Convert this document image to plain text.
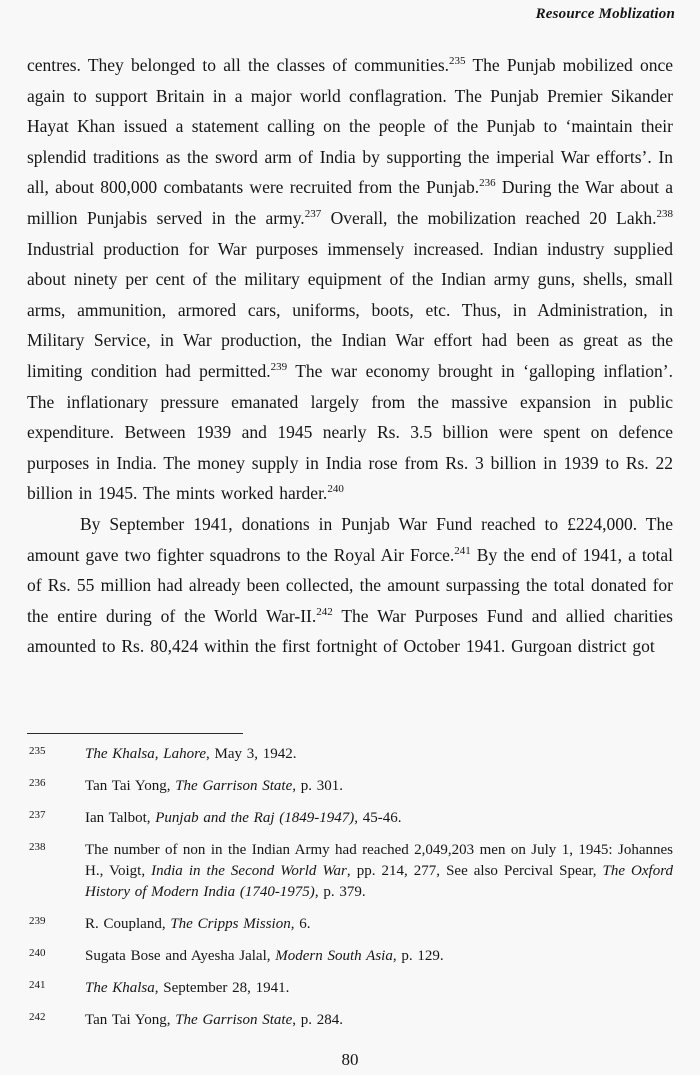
Resource Moblization

centres. They belonged to all the classes of communities.$^{235}$ The Punjab mobilized once again to support Britain in a major world conflagration. The Punjab Premier Sikander Hayat Khan issued a statement calling on the people of the Punjab to ‘maintain their splendid traditions as the sword arm of India by supporting the imperial War efforts’. In all, about 800,000 combatants were recruited from the Punjab.$^{236}$ During the War about a million Punjabis served in the army.$^{237}$ Overall, the mobilization reached 20 Lakh.$^{238}$ Industrial production for War purposes immensely increased. Indian industry supplied about ninety per cent of the military equipment of the Indian army guns, shells, small arms, ammunition, armored cars, uniforms, boots, etc. Thus, in Administration, in Military Service, in War production, the Indian War effort had been as great as the limiting condition had permitted.$^{239}$ The war economy brought in ‘galloping inflation’. The inflationary pressure emanated largely from the massive expansion in public expenditure. Between 1939 and 1945 nearly Rs. 3.5 billion were spent on defence purposes in India. The money supply in India rose from Rs. 3 billion in 1939 to Rs. 22 billion in 1945. The mints worked harder.$^{240}$

By September 1941, donations in Punjab War Fund reached to £224,000. The amount gave two fighter squadrons to the Royal Air Force.$^{241}$ By the end of 1941, a total of Rs. 55 million had already been collected, the amount surpassing the total donated for the entire during of the World War-II.$^{242}$ The War Purposes Fund and allied charities amounted to Rs. 80,424 within the first fortnight of October 1941. Gurgoan district got

235	The Khalsa, Lahore, May 3, 1942.
236	Tan Tai Yong, The Garrison State, p. 301.
237	Ian Talbot, Punjab and the Raj (1849-1947), 45-46.
238	The number of non in the Indian Army had reached 2,049,203 men on July 1, 1945: Johannes H., Voigt, India in the Second World War, pp. 214, 277, See also Percival Spear, The Oxford History of Modern India (1740-1975), p. 379.
239	R. Coupland, The Cripps Mission, 6.
240	Sugata Bose and Ayesha Jalal, Modern South Asia, p. 129.
241	The Khalsa, September 28, 1941.
242	Tan Tai Yong, The Garrison State, p. 284.
80
